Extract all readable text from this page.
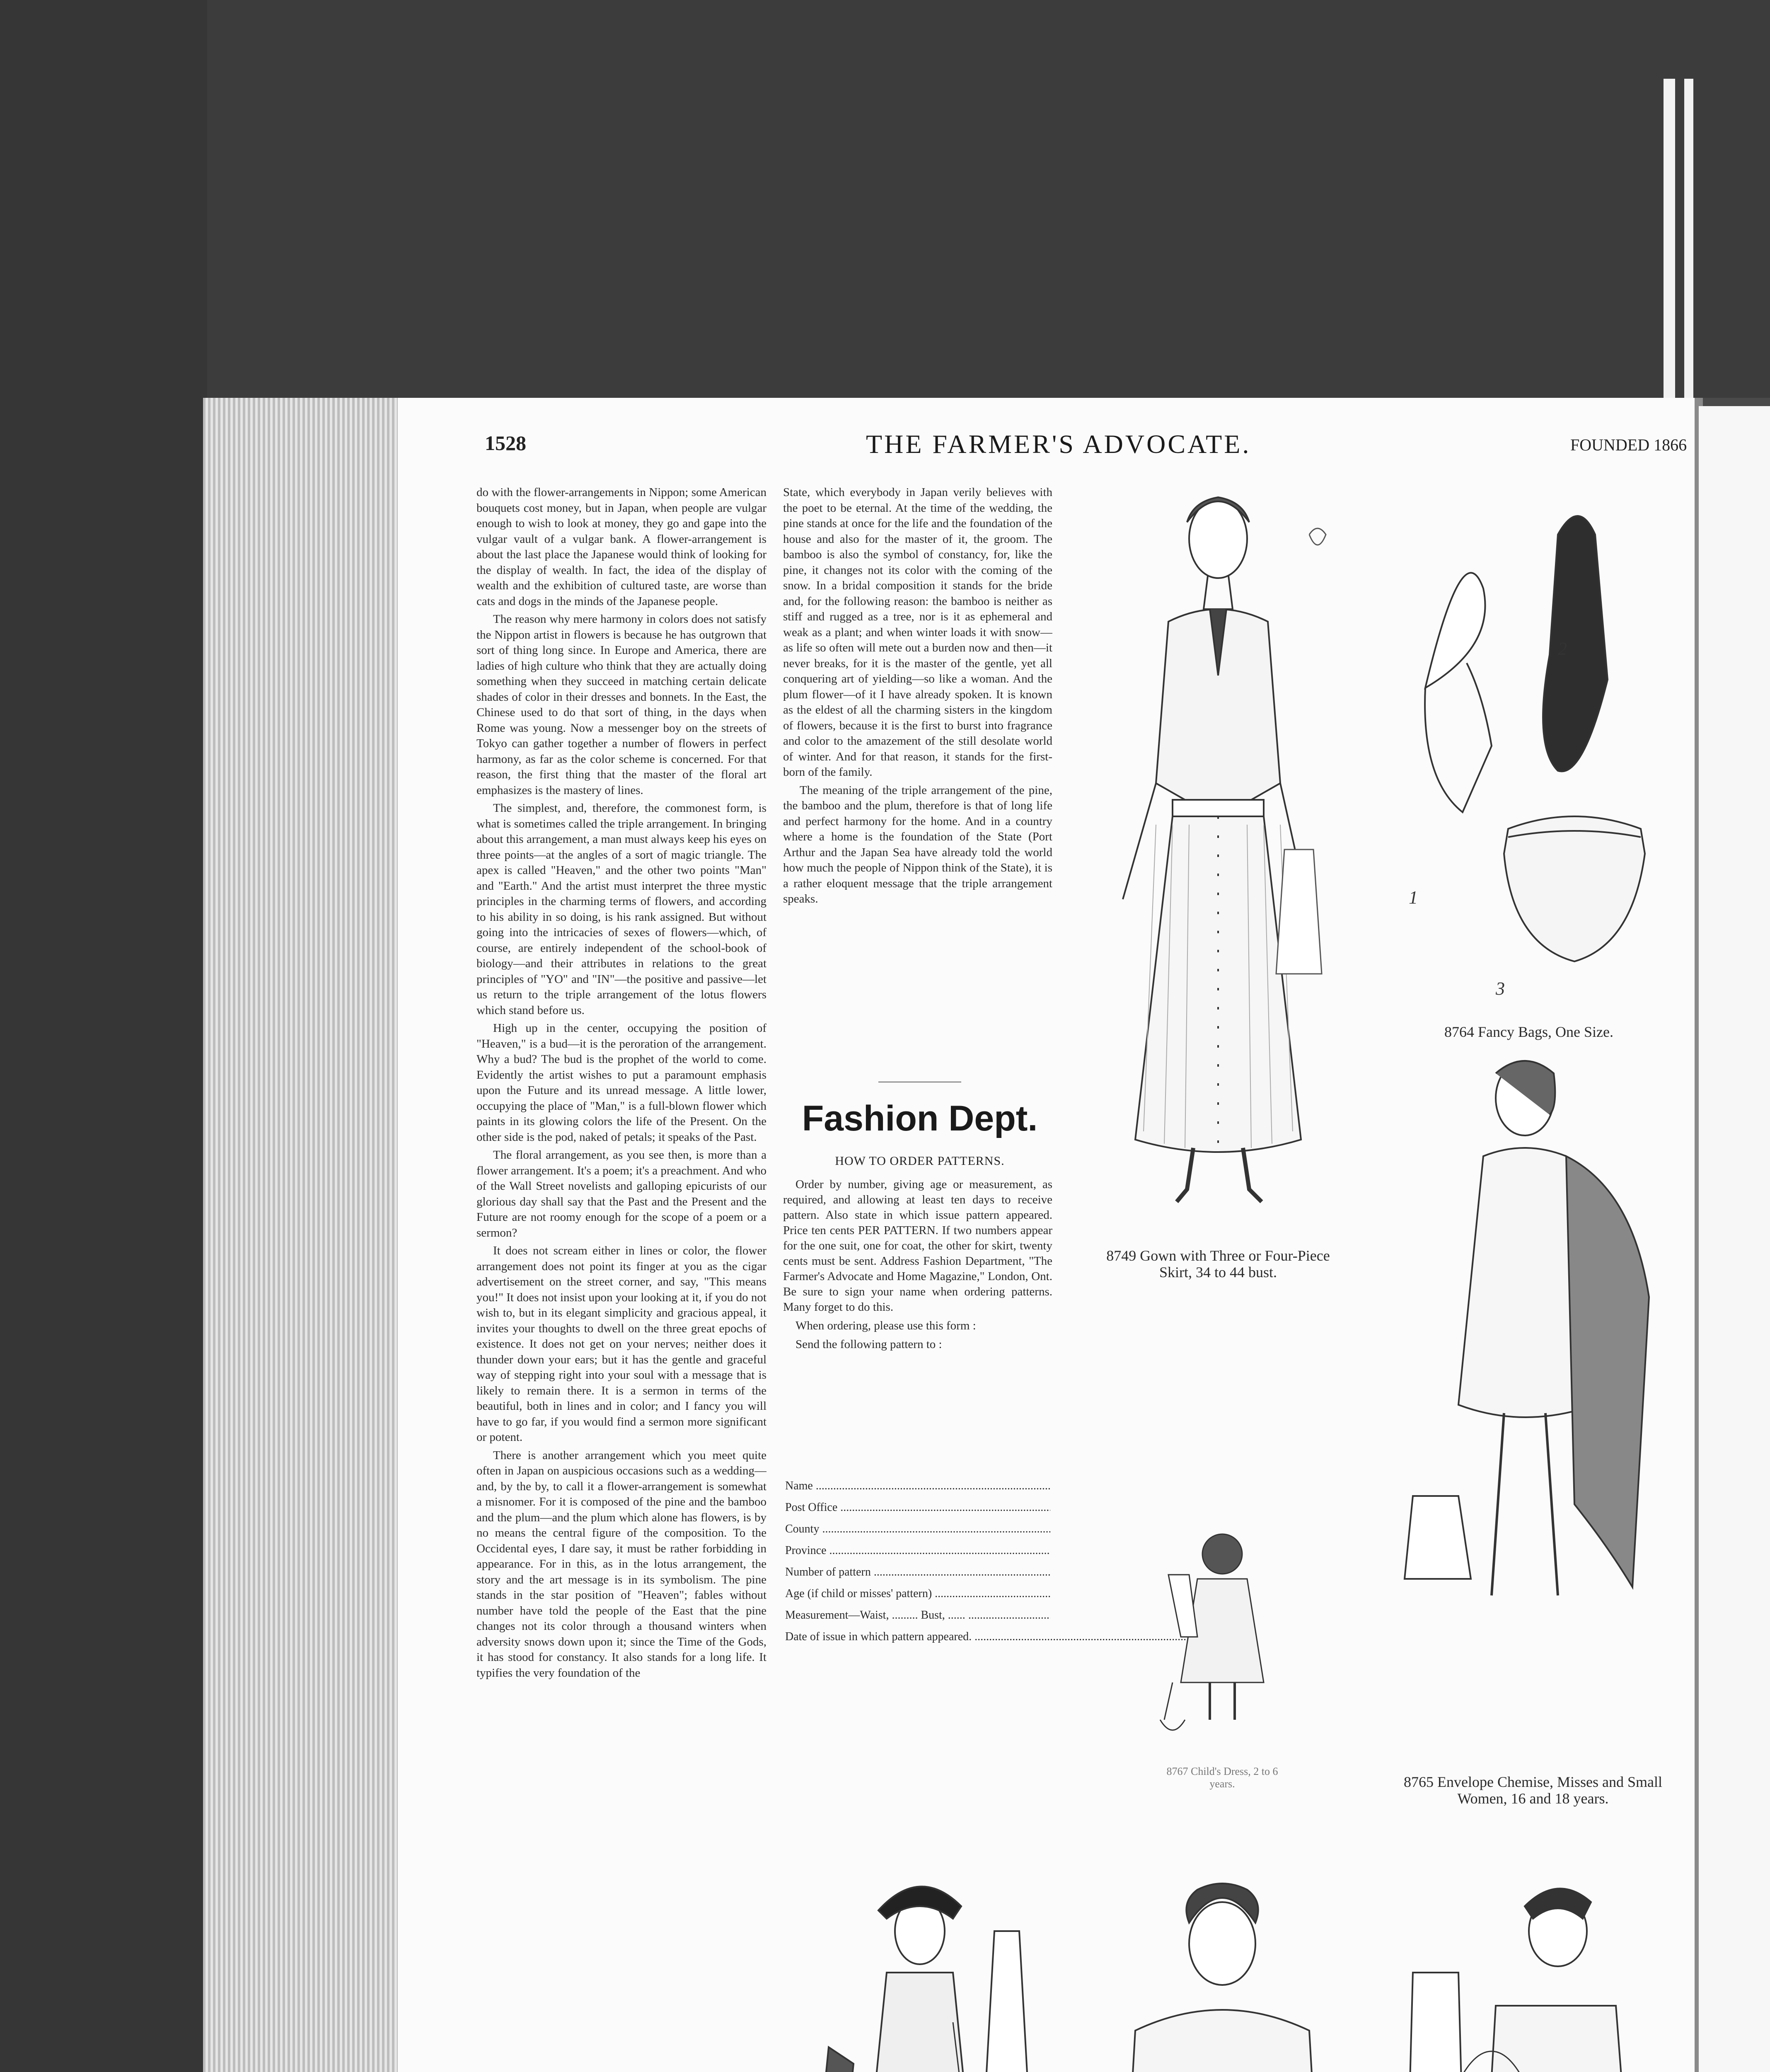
1528	THE FARMER'S ADVOCATE.	FOUNDED 1866

do with the flower-arrangements in Nippon; some American bouquets cost money, but in Japan, when people are vulgar enough to wish to look at money, they go and gape into the vulgar vault of a vulgar bank. A flower-arrangement is about the last place the Japanese would think of looking for the display of wealth. In fact, the idea of the display of wealth and the exhibition of cultured taste, are worse than cats and dogs in the minds of the Japanese people.

The reason why mere harmony in colors does not satisfy the Nippon artist in flowers is because he has outgrown that sort of thing long since. In Europe and America, there are ladies of high culture who think that they are actually doing something when they succeed in matching certain delicate shades of color in their dresses and bonnets. In the East, the Chinese used to do that sort of thing, in the days when Rome was young. Now a messenger boy on the streets of Tokyo can gather together a number of flowers in perfect harmony, as far as the color scheme is concerned. For that reason, the first thing that the master of the floral art emphasizes is the mastery of lines.

The simplest, and, therefore, the commonest form, is what is sometimes called the triple arrangement. In bringing about this arrangement, a man must always keep his eyes on three points—at the angles of a sort of magic triangle. The apex is called "Heaven," and the other two points "Man" and "Earth." And the artist must interpret the three mystic principles in the charming terms of flowers, and according to his ability in so doing, is his rank assigned. But without going into the intricacies of sexes of flowers—which, of course, are entirely independent of the school-book of biology—and their attributes in relations to the great principles of "YO" and "IN"—the positive and passive—let us return to the triple arrangement of the lotus flowers which stand before us.

High up in the center, occupying the position of "Heaven," is a bud—it is the peroration of the arrangement. Why a bud? The bud is the prophet of the world to come. Evidently the artist wishes to put a paramount emphasis upon the Future and its unread message. A little lower, occupying the place of "Man," is a full-blown flower which paints in its glowing colors the life of the Present. On the other side is the pod, naked of petals; it speaks of the Past.

The floral arrangement, as you see then, is more than a flower arrangement. It's a poem; it's a preachment. And who of the Wall Street novelists and galloping epicurists of our glorious day shall say that the Past and the Present and the Future are not roomy enough for the scope of a poem or a sermon?

It does not scream either in lines or color, the flower arrangement does not point its finger at you as the cigar advertisement on the street corner, and say, "This means you!" It does not insist upon your looking at it, if you do not wish to, but in its elegant simplicity and gracious appeal, it invites your thoughts to dwell on the three great epochs of existence. It does not get on your nerves; neither does it thunder down your ears; but it has the gentle and graceful way of stepping right into your soul with a message that is likely to remain there. It is a sermon in terms of the beautiful, both in lines and in color; and I fancy you will have to go far, if you would find a sermon more significant or potent.

There is another arrangement which you meet quite often in Japan on auspicious occasions such as a wedding—and, by the by, to call it a flower-arrangement is somewhat a misnomer. For it is composed of the pine and the bamboo and the plum—and the plum which alone has flowers, is by no means the central figure of the composition. To the Occidental eyes, I dare say, it must be rather forbidding in appearance. For in this, as in the lotus arrangement, the story and the art message is in its symbolism. The pine stands in the star position of "Heaven"; fables without number have told the people of the East that the pine changes not its color through a thousand winters when adversity snows down upon it; since the Time of the Gods, it has stood for constancy. It also stands for a long life. It typifies the very foundation of the

State, which everybody in Japan verily believes with the poet to be eternal. At the time of the wedding, the pine stands at once for the life and the foundation of the house and also for the master of it, the groom. The bamboo is also the symbol of constancy, for, like the pine, it changes not its color with the coming of the snow. In a bridal composition it stands for the bride and, for the following reason: the bamboo is neither as stiff and rugged as a tree, nor is it as ephemeral and weak as a plant; and when winter loads it with snow—as life so often will mete out a burden now and then—it never breaks, for it is the master of the gentle, yet all conquering art of yielding—so like a woman. And the plum flower—of it I have already spoken. It is known as the eldest of all the charming sisters in the kingdom of flowers, because it is the first to burst into fragrance and color to the amazement of the still desolate world of winter. And for that reason, it stands for the first-born of the family.

The meaning of the triple arrangement of the pine, the bamboo and the plum, therefore is that of long life and perfect harmony for the home. And in a country where a home is the foundation of the State (Port Arthur and the Japan Sea have already told the world how much the people of Nippon think of the State), it is a rather eloquent message that the triple arrangement speaks.

Fashion Dept.
HOW TO ORDER PATTERNS.

Order by number, giving age or measurement, as required, and allowing at least ten days to receive pattern. Also state in which issue pattern appeared. Price ten cents PER PATTERN. If two numbers appear for the one suit, one for coat, the other for skirt, twenty cents must be sent. Address Fashion Department, "The Farmer's Advocate and Home Magazine," London, Ont. Be sure to sign your name when ordering patterns. Many forget to do this.

When ordering, please use this form :

Send the following pattern to :

Name .....
Post Office .....
County .....
Province .....
Number of pattern .....
Age (if child or misses' pattern) .....
Measurement—Waist, ......... Bust, ...... .....
Date of issue in which pattern appeared. .....
8749 Gown with Three or Four-Piece Skirt, 34 to 44 bust.
1
2
3
8764 Fancy Bags, One Size.
8767 Child's Dress, 2 to 6 years.	8765 Envelope Chemise, Misses and Small Women, 16 and 18 years.
